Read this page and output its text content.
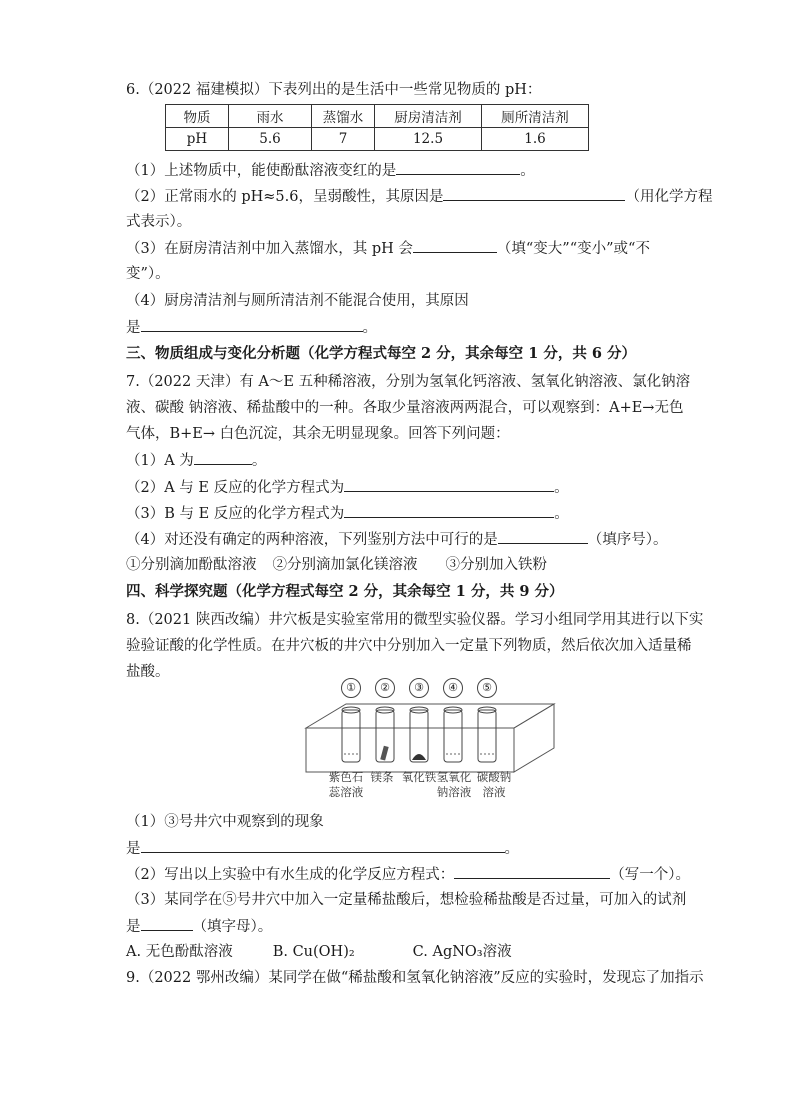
6.（2022 福建模拟）下表列出的是生活中一些常见物质的 pH：
物质	雨水	蒸馏水	厨房清洁剂	厕所清洁剂
pH	5.6	7	12.5	1.6
（1）上述物质中，能使酚酞溶液变红的是	。
（2）正常雨水的 pH≈5.6，呈弱酸性，其原因是	（用化学方程
式表示）。
（3）在厨房清洁剂中加入蒸馏水，其 pH 会	（填“变大”“变小”或“不
变”）。
（4）厨房清洁剂与厕所清洁剂不能混合使用，其原因
是	。
三、物质组成与变化分析题（化学方程式每空 2 分，其余每空 1 分，共 6 分）
7.（2022 天津）有 A～E 五种稀溶液，分别为氢氧化钙溶液、氢氧化钠溶液、氯化钠溶
液、碳酸 钠溶液、稀盐酸中的一种。各取少量溶液两两混合，可以观察到：A+E→无色
气体，B+E→ 白色沉淀，其余无明显现象。回答下列问题：
（1）A 为	。
（2）A 与 E 反应的化学方程式为	。
（3）B 与 E 反应的化学方程式为	。
（4）对还没有确定的两种溶液，下列鉴别方法中可行的是	（填序号）。
①分别滴加酚酞溶液 ②分别滴加氯化镁溶液 ③分别加入铁粉
四、科学探究题（化学方程式每空 2 分，其余每空 1 分，共 9 分）
8.（2021 陕西改编）井穴板是实验室常用的微型实验仪器。学习小组同学用其进行以下实
验验证酸的化学性质。在井穴板的井穴中分别加入一定量下列物质，然后依次加入适量稀
盐酸。
①	②	③	④	⑤
紫色石
蕊溶液
镁条 氧化铁 氢氧化
钠溶液
碳酸钠
溶液
（1）③号井穴中观察到的现象
是	。
（2）写出以上实验中有水生成的化学反应方程式：	（写一个）。
（3）某同学在⑤号井穴中加入一定量稀盐酸后，想检验稀盐酸是否过量，可加入的试剂
是	（填字母）。
A. 无色酚酞溶液	B. Cu(OH)₂	C. AgNO₃溶液
9.（2022 鄂州改编）某同学在做“稀盐酸和氢氧化钠溶液”反应的实验时，发现忘了加指示
